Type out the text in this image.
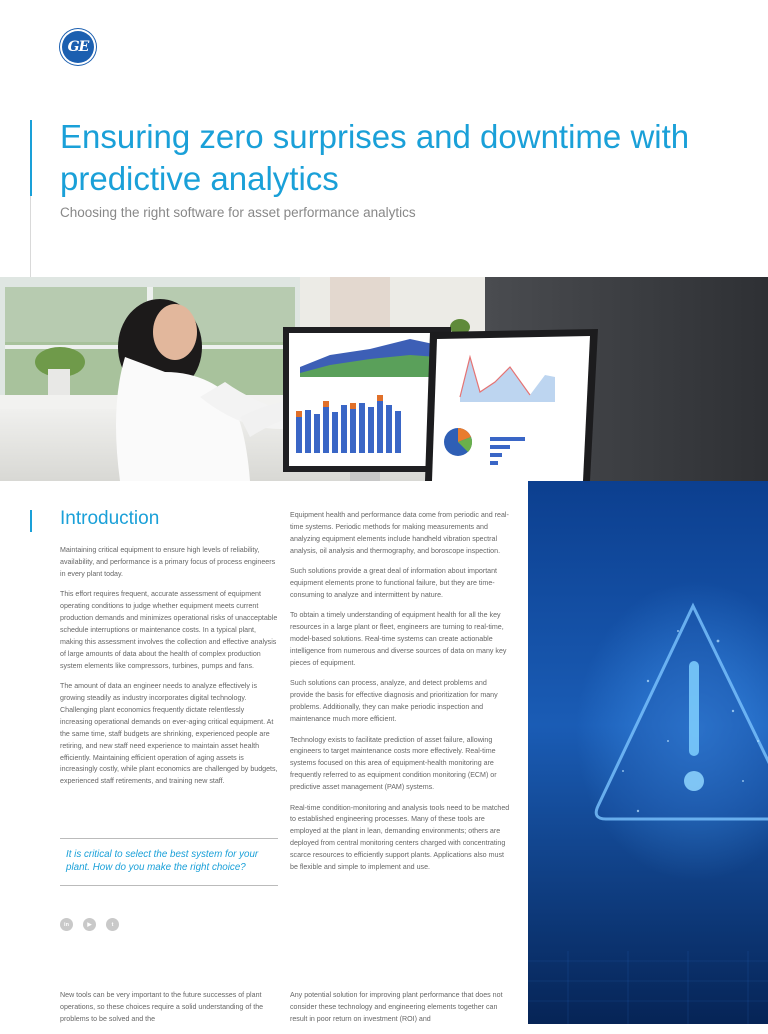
GE
Ensuring zero surprises and downtime with predictive analytics

Choosing the right software for asset performance analytics

Introduction

Maintaining critical equipment to ensure high levels of reliability, availability, and performance is a primary focus of process engineers in every plant today.

This effort requires frequent, accurate assessment of equipment operating conditions to judge whether equipment meets current production demands and minimizes operational risks of unacceptable schedule interruptions or maintenance costs. In a typical plant, making this assessment involves the collection and effective analysis of large amounts of data about the health of complex production system elements like compressors, turbines, pumps and fans.

The amount of data an engineer needs to analyze effectively is growing steadily as industry incorporates digital technology. Challenging plant economics frequently dictate relentlessly increasing operational demands on ever-aging critical equipment. At the same time, staff budgets are shrinking, experienced people are retiring, and new staff need experience to maintain asset health efficiently. Maintaining efficient operation of aging assets is increasingly costly, while plant economics are challenged by budgets, experienced staff retirements, and training new staff.

Equipment health and performance data come from periodic and real-time systems. Periodic methods for making measurements and analyzing equipment elements include handheld vibration spectral analysis, oil analysis and thermography, and boroscope inspection.

Such solutions provide a great deal of information about important equipment elements prone to functional failure, but they are time-consuming to analyze and intermittent by nature.

To obtain a timely understanding of equipment health for all the key resources in a large plant or fleet, engineers are turning to real-time, model-based solutions. Real-time systems can create actionable intelligence from numerous and diverse sources of data on many key pieces of equipment.

Such solutions can process, analyze, and detect problems and provide the basis for effective diagnosis and prioritization for many problems. Additionally, they can make periodic inspection and maintenance much more efficient.

Technology exists to facilitate prediction of asset failure, allowing engineers to target maintenance costs more effectively. Real-time systems focused on this area of equipment-health monitoring are frequently referred to as equipment condition monitoring (ECM) or predictive asset management (PAM) systems.

Real-time condition-monitoring and analysis tools need to be matched to established engineering processes. Many of these tools are employed at the plant in lean, demanding environments; others are deployed from central monitoring centers charged with concentrating scarce resources to efficiently support plants. Applications also must be flexible and simple to implement and use.

It is critical to select the best system for your plant. How do you make the right choice?

in	▶	t

New tools can be very important to the future successes of plant operations, so these choices require a solid understanding of the problems to be solved and the

Any potential solution for improving plant performance that does not consider these technology and engineering elements together can result in poor return on investment (ROI) and
